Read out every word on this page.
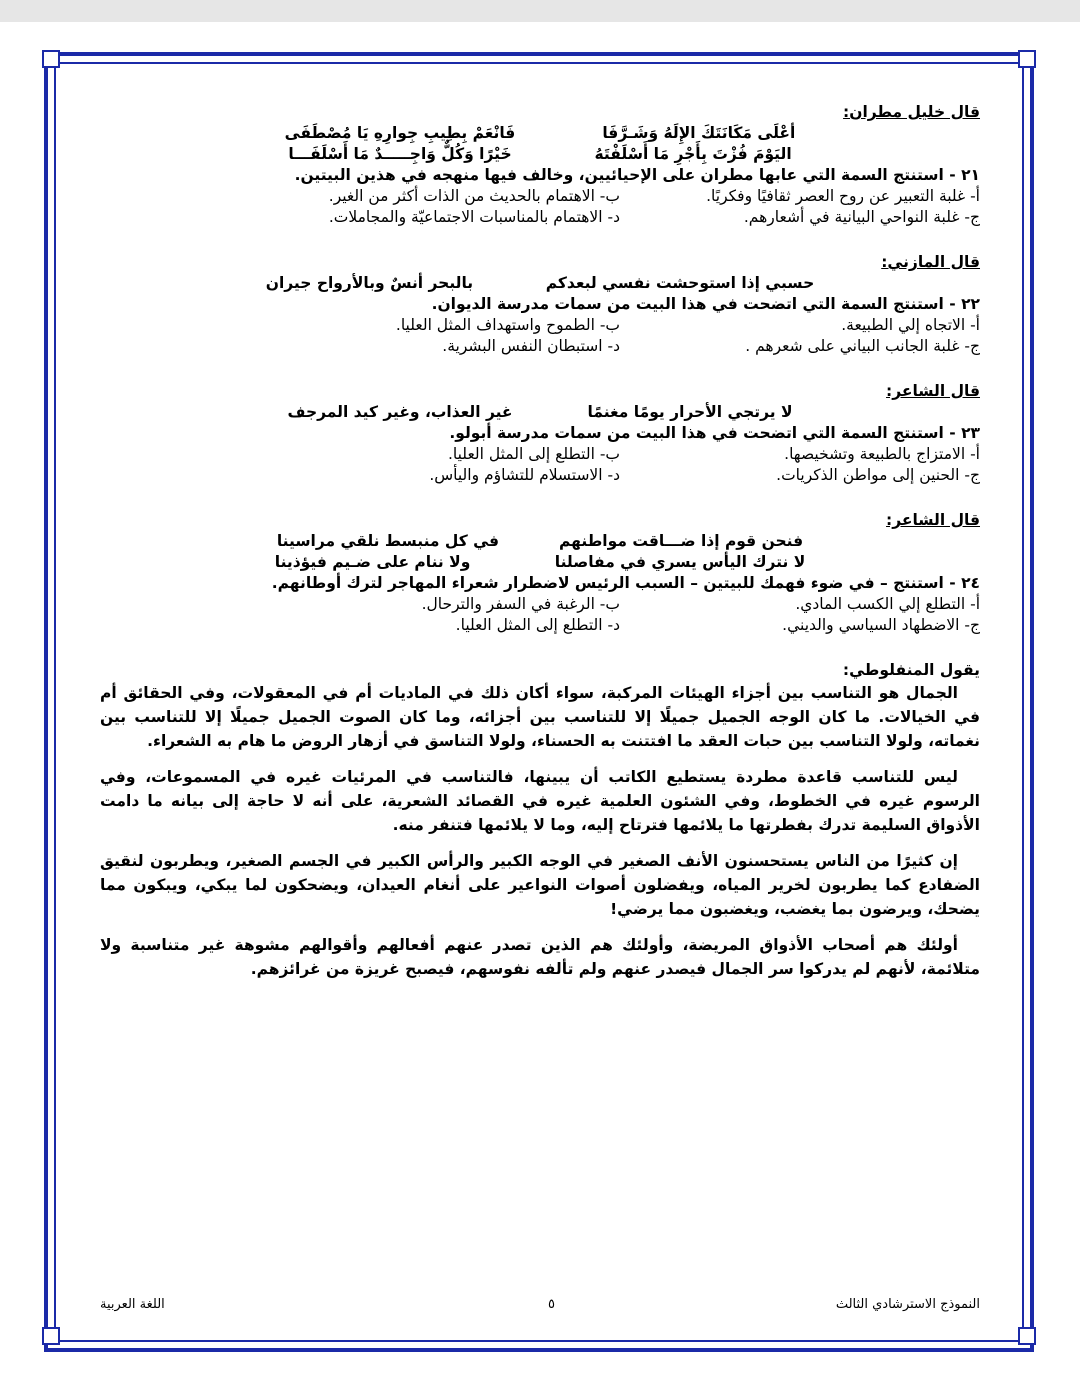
قال خليل مطران:

أعْلَى مَكَانَتَكَ الإِلَهُ وَشَـرَّفَا
فَانْعَمْ بِطِيبِ جِوارِهِ يَا مُصْطَفَى

اليَوْمَ فُزْتَ بِأَجْرِ مَا أَسْلَفْتَهُ
خَيْرًا وَكُلٌّ وَاجِـــــدٌ مَا أَسْلَفَـــا

٢١ - استنتج السمة التي عابها مطران على الإحيائيين، وخالف فيها منهجه في هذين البيتين.

أ- غلبة التعبير عن روح العصر ثقافيًا وفكريًا.
ب- الاهتمام بالحديث من الذات أكثر من الغير.
ج- غلبة النواحي البيانية في أشعارهم.
د- الاهتمام بالمناسبات الاجتماعيّة والمجاملات.

قال المازني:

حسبي إذا استوحشت نفسي لبعدكم
بالبحر أنسٌ وبالأرواح جيران

٢٢ - استنتج السمة التي اتضحت في هذا البيت من سمات مدرسة الديوان.

أ- الاتجاه إلي الطبيعة.
ب- الطموح واستهداف المثل العليا.
ج- غلبة الجانب البياني على شعرهم .
د- استبطان النفس البشرية.

قال الشاعر:

لا يرتجي الأحرار يومًا مغنمًا
غير العذاب، وغير كيد المرجف

٢٣ - استنتج السمة التي اتضحت في هذا البيت من سمات مدرسة أبولو.

أ- الامتزاج بالطبيعة وتشخيصها.
ب- التطلع إلى المثل العليا.
ج- الحنين إلى مواطن الذكريات.
د- الاستسلام للتشاؤم واليأس.

قال الشاعر:

فنحن قوم إذا ضـــاقت مواطنهم
في كل منبسط نلقي مراسينا

لا نترك اليأس يسري في مفاصلنا
ولا ننام على ضـيم فيؤذينا

٢٤ - استنتج – في ضوء فهمك للبيتين – السبب الرئيس لاضطرار شعراء المهاجر لترك أوطانهم.

أ- التطلع إلي الكسب المادي.
ب- الرغبة في السفر والترحال.
ج- الاضطهاد السياسي والديني.
د- التطلع إلى المثل العليا.

يقول المنفلوطي:

الجمال هو التناسب بين أجزاء الهيئات المركبة، سواء أكان ذلك في الماديات أم في المعقولات، وفي الحقائق أم في الخيالات. ما كان الوجه الجميل جميلًا إلا للتناسب بين أجزائه، وما كان الصوت الجميل جميلًا إلا للتناسب بين نغماته، ولولا التناسب بين حبات العقد ما افتتنت به الحسناء، ولولا التناسق في أزهار الروض ما هام به الشعراء.

ليس للتناسب قاعدة مطردة يستطيع الكاتب أن يبينها، فالتناسب في المرئيات غيره في المسموعات، وفي الرسوم غيره في الخطوط، وفي الشئون العلمية غيره في القصائد الشعرية، على أنه لا حاجة إلى بيانه ما دامت الأذواق السليمة تدرك بفطرتها ما يلائمها فترتاح إليه، وما لا يلائمها فتنفر منه.

إن كثيرًا من الناس يستحسنون الأنف الصغير في الوجه الكبير والرأس الكبير في الجسم الصغير، ويطربون لنقيق الضفادع كما يطربون لخرير المياه، ويفضلون أصوات النواعير على أنغام العيدان، ويضحكون لما يبكي، ويبكون مما يضحك، ويرضون بما يغضب، ويغضبون مما يرضي!

أولئك هم أصحاب الأذواق المريضة، وأولئك هم الذين تصدر عنهم أفعالهم وأقوالهم مشوهة غير متناسبة ولا متلائمة، لأنهم لم يدركوا سر الجمال فيصدر عنهم ولم تألفه نفوسهم، فيصبح غريزة من غرائزهم.

النموذج الاسترشادي الثالث
٥
اللغة العربية
